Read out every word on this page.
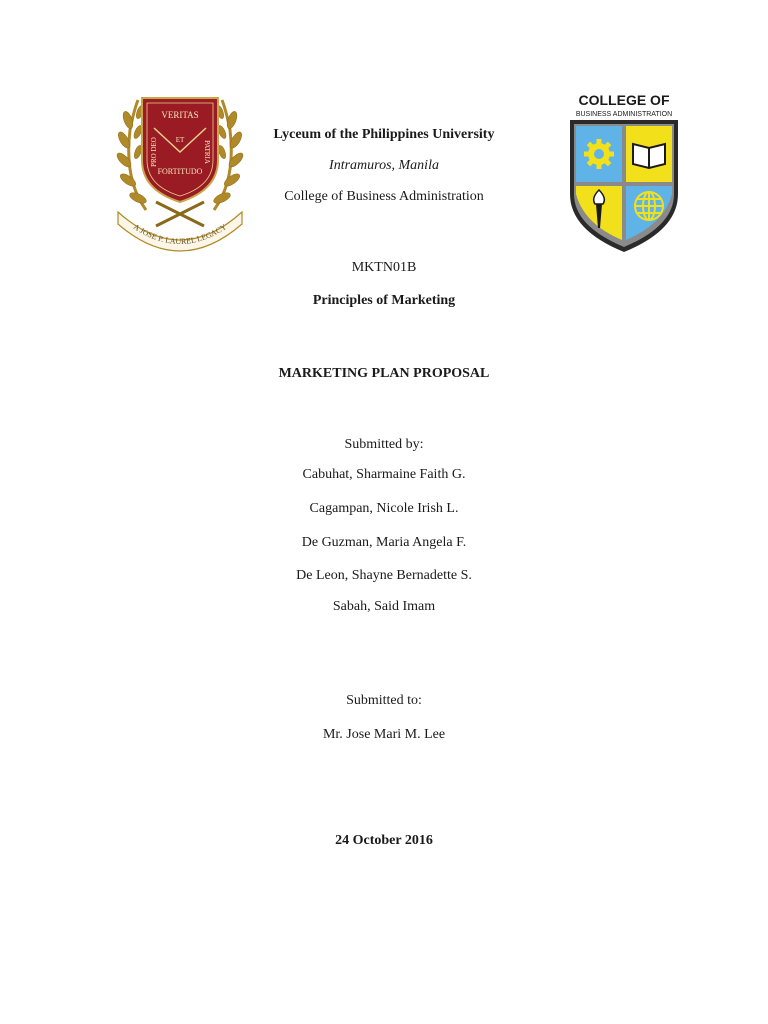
VERITAS
ET
FORTITUDO
PRO DEO	PATRIA
A JOSE P. LAUREL LEGACY
COLLEGE OF
BUSINESS ADMINISTRATION
Lyceum of the Philippines University
Intramuros, Manila
College of Business Administration
MKTN01B
Principles of Marketing
MARKETING PLAN PROPOSAL
Submitted by:
Cabuhat, Sharmaine Faith G.
Cagampan, Nicole Irish L.
De Guzman, Maria Angela F.
De Leon, Shayne Bernadette S.
Sabah, Said Imam
Submitted to:
Mr. Jose Mari M. Lee
24 October 2016
